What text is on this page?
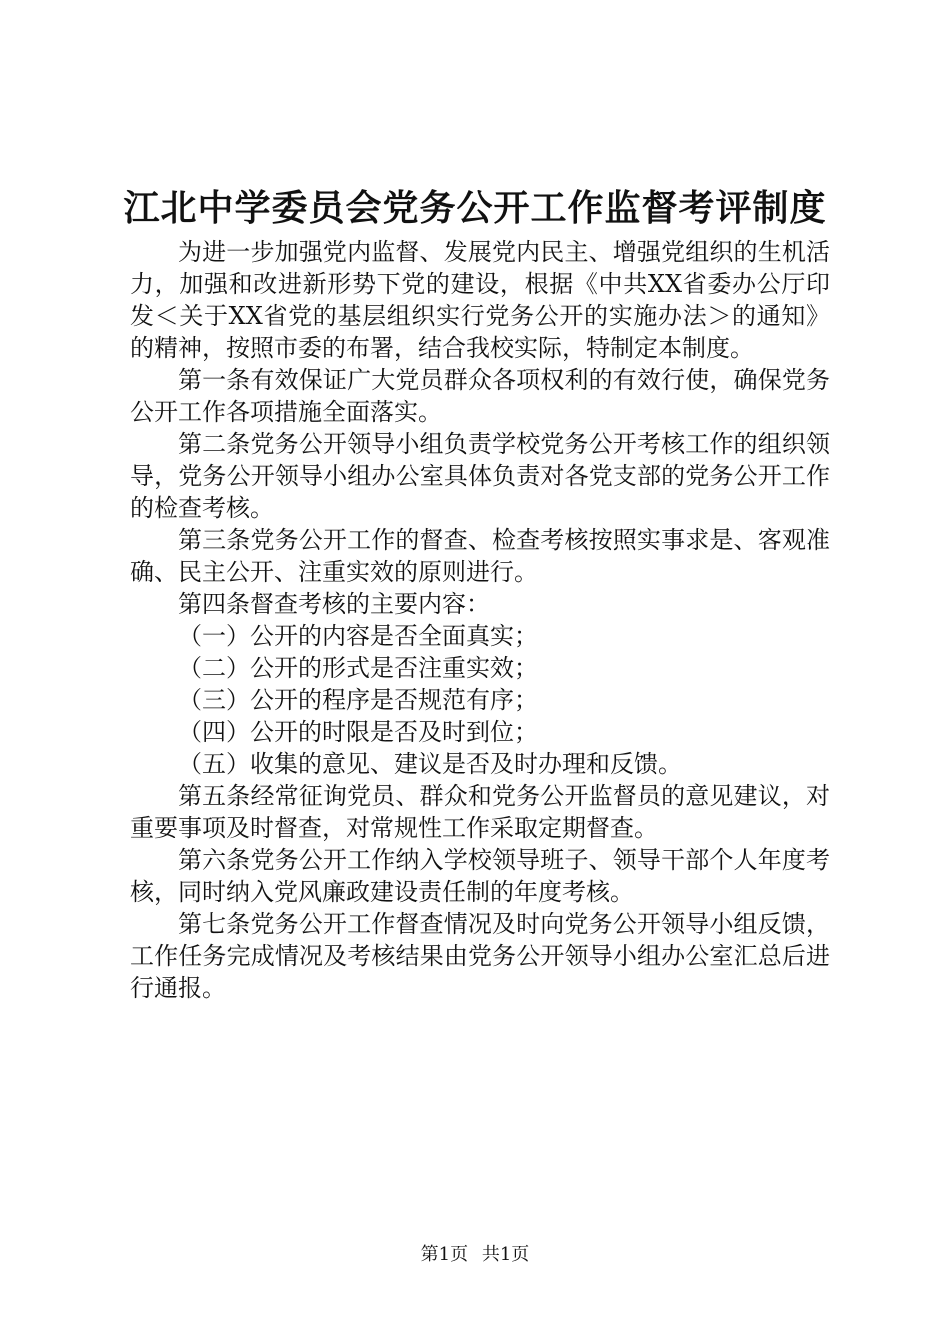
江北中学委员会党务公开工作监督考评制度

为进一步加强党内监督、发展党内民主、增强党组织的生机活力，加强和改进新形势下党的建设，根据《中共XX省委办公厅印发＜关于XX省党的基层组织实行党务公开的实施办法＞的通知》的精神，按照市委的布署，结合我校实际，特制定本制度。

第一条有效保证广大党员群众各项权利的有效行使，确保党务公开工作各项措施全面落实。

第二条党务公开领导小组负责学校党务公开考核工作的组织领导，党务公开领导小组办公室具体负责对各党支部的党务公开工作的检查考核。

第三条党务公开工作的督查、检查考核按照实事求是、客观准确、民主公开、注重实效的原则进行。

第四条督查考核的主要内容：

（一）公开的内容是否全面真实；

（二）公开的形式是否注重实效；

（三）公开的程序是否规范有序；

（四）公开的时限是否及时到位；

（五）收集的意见、建议是否及时办理和反馈。

第五条经常征询党员、群众和党务公开监督员的意见建议，对重要事项及时督查，对常规性工作采取定期督查。

第六条党务公开工作纳入学校领导班子、领导干部个人年度考核，同时纳入党风廉政建设责任制的年度考核。

第七条党务公开工作督查情况及时向党务公开领导小组反馈，工作任务完成情况及考核结果由党务公开领导小组办公室汇总后进行通报。

第1页 共1页
